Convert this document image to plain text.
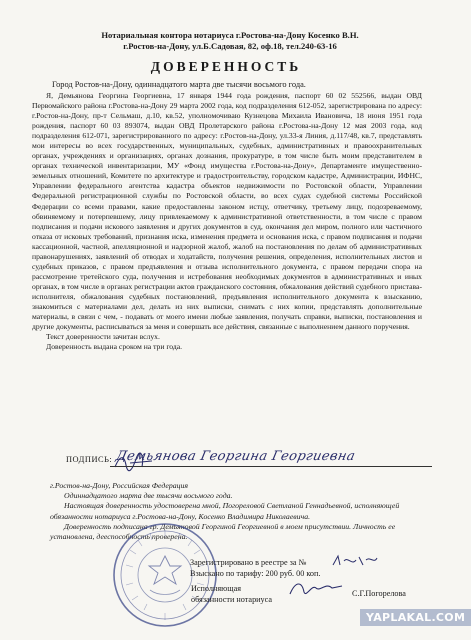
Нотариальная контора нотариуса г.Ростова-на-Дону Косенко В.Н.
г.Ростов-на-Дону, ул.Б.Садовая, 82, оф.18, тел.240-63-16
ДОВЕРЕННОСТЬ
Город Ростов-на-Дону, одиннадцатого марта две тысячи восьмого года.

Я, Демьянова Георгина Георгиевна, 17 января 1944 года рождения, паспорт 60 02 552566, выдан ОВД Первомайского района г.Ростова-на-Дону 29 марта 2002 года, код подразделения 612-052, зарегистрирована по адресу: г.Ростов-на-Дону, пр-т Сельмаш, д.10, кв.52, уполномочиваю Кузнецова Михаила Ивановича, 18 июня 1951 года рождения, паспорт 60 03 893074, выдан ОВД Пролетарского района г.Ростова-на-Дону 12 мая 2003 года, код подразделения 612-071, зарегистрированного по адресу: г.Ростов-на-Дону, ул.33-я Линия, д.117/48, кв.7, представлять мои интересы во всех государственных, муниципальных, судебных, административных и правоохранительных органах, учреждениях и организациях, органах дознания, прокуратуре, в том числе быть моим представителем в органах технической инвентаризации, МУ «Фонд имущества г.Ростова-на-Дону», Департаменте имущественно-земельных отношений, Комитете по архитектуре и градостроительству, городском кадастре, Администрации, ИФНС, Управлении федерального агентства кадастра объектов недвижимости по Ростовской области, Управлении Федеральной регистрационной службы по Ростовской области, во всех судах судебной системы Российской Федерации со всеми правами, какие предоставлены законом истцу, ответчику, третьему лицу, подозреваемому, обвиняемому и потерпевшему, лицу привлекаемому к административной ответственности, в том числе с правом подписания и подачи искового заявления и других документов в суд, окончания дел миром, полного или частичного отказа от исковых требований, признания иска, изменения предмета и основания иска, с правом подписания и подачи кассационной, частной, апелляционной и надзорной жалоб, жалоб на постановления по делам об административных правонарушениях, заявлений об отводах и ходатайств, получения решения, определения, исполнительных листов и судебных приказов, с правом предъявления и отзыва исполнительного документа, с правом передачи спора на рассмотрение третейского суда, получения и истребования необходимых документов в административных и иных органах, в том числе в органах регистрации актов гражданского состояния, обжалования действий судебного пристава-исполнителя, обжалования судебных постановлений, предъявления исполнительного документа к взысканию, знакомиться с материалами дел, делать из них выписки, снимать с них копии, представлять дополнительные материалы, в связи с чем, - подавать от моего имени любые заявления, получать справки, выписки, постановления и другие документы, расписываться за меня и совершать все действия, связанные с выполнением данного поручения.

Текст доверенности зачитан вслух.

Доверенность выдана сроком на три года.

ПОДПИСЬ: Демьянова Георгина Георгиевна

г.Ростов-на-Дону, Российская Федерация

Одиннадцатого марта две тысячи восьмого года.

Настоящая доверенность удостоверена мной, Погореловой Светланой Геннадьевной, исполняющей обязанности нотариуса г.Ростова-на-Дону, Косенко Владимира Николаевича.

Доверенность подписана гр. Демьяновой Георгиной Георгиевной в моем присутствии. Личность ее установлена, дееспособность проверена.

Зарегистрировано в реестре за №
Взыскано по тарифу: 200 руб. 00 коп.
Исполняющая
обязанности нотариуса
С.Г.Погорелова
YAPLAKAL.COM
